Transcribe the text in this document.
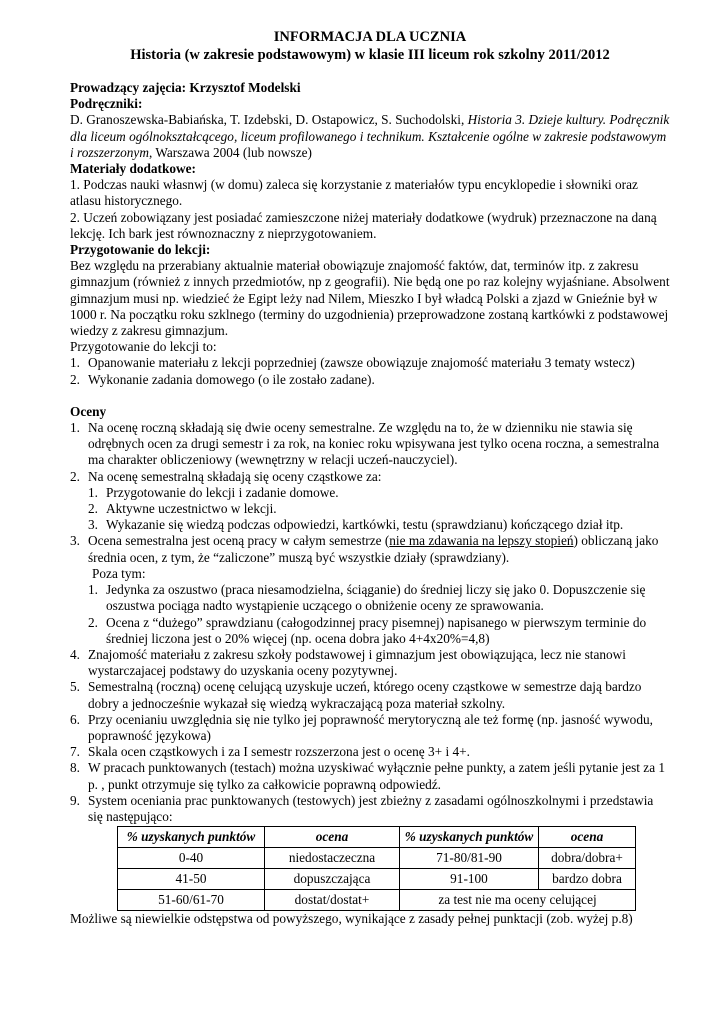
INFORMACJA DLA UCZNIA
Historia (w zakresie podstawowym) w klasie III liceum rok szkolny 2011/2012

Prowadzący zajęcia: Krzysztof Modelski

Podręczniki:

D. Granoszewska-Babiańska, T. Izdebski, D. Ostapowicz, S. Suchodolski, Historia 3. Dzieje kultury. Podręcznik dla liceum ogólnokształcącego, liceum profilowanego i technikum. Kształcenie ogólne w zakresie podstawowym i rozszerzonym, Warszawa 2004 (lub nowsze)

Materiały dodatkowe:

1. Podczas nauki własnwj (w domu) zaleca się korzystanie z materiałów typu encyklopedie i słowniki oraz atlasu historycznego.

2. Uczeń zobowiązany jest posiadać zamieszczone niżej materiały dodatkowe (wydruk) przeznaczone na daną lekcję. Ich bark jest równoznaczny z nieprzygotowaniem.

Przygotowanie do lekcji:

Bez względu na przerabiany aktualnie materiał obowiązuje znajomość faktów, dat, terminów itp. z zakresu gimnazjum (również z innych przedmiotów, np z geografii). Nie będą one po raz kolejny wyjaśniane. Absolwent gimnazjum musi np. wiedzieć że Egipt leży nad Nilem, Mieszko I był władcą Polski a zjazd w Gnieźnie był w 1000 r. Na początku roku szklnego (terminy do uzgodnienia) przeprowadzone zostaną kartkówki z podstawowej wiedzy z zakresu gimnazjum.

Przygotowanie do lekcji to:

1. Opanowanie materiału z lekcji poprzedniej (zawsze obowiązuje znajomość materiału 3 tematy wstecz)
2. Wykonanie zadania domowego (o ile zostało zadane).

Oceny

1. Na ocenę roczną składają się dwie oceny semestralne. Ze względu na to, że w dzienniku nie stawia się odrębnych ocen za drugi semestr i za rok, na koniec roku wpisywana jest tylko ocena roczna, a semestralna ma charakter obliczeniowy (wewnętrzny w relacji uczeń-nauczyciel).
2. Na ocenę semestralną składają się oceny cząstkowe za:
1. Przygotowanie do lekcji i zadanie domowe.
2. Aktywne uczestnictwo w lekcji.
3. Wykazanie się wiedzą podczas odpowiedzi, kartkówki, testu (sprawdzianu) kończącego dział itp.
3. Ocena semestralna jest oceną pracy w całym semestrze (nie ma zdawania na lepszy stopień) obliczaną jako średnia ocen, z tym, że “zaliczone” muszą być wszystkie działy (sprawdziany).

Poza tym:

1. Jedynka za oszustwo (praca niesamodzielna, ściąganie) do średniej liczy się jako 0. Dopuszczenie się oszustwa pociąga nadto wystąpienie uczącego o obniżenie oceny ze sprawowania.
2. Ocena z “dużego” sprawdzianu (całogodzinnej pracy pisemnej) napisanego w pierwszym terminie do średniej liczona jest o 20% więcej (np. ocena dobra jako 4+4x20%=4,8)
4. Znajomość materiału z zakresu szkoły podstawowej i gimnazjum jest obowiązująca, lecz nie stanowi wystarczajacej podstawy do uzyskania oceny pozytywnej.
5. Semestralną (roczną) ocenę celującą uzyskuje uczeń, którego oceny cząstkowe w semestrze dają bardzo dobry a jednocześnie wykazał się wiedzą wykraczającą poza materiał szkolny.
6. Przy ocenianiu uwzględnia się nie tylko jej poprawność merytoryczną ale też formę (np. jasność wywodu, poprawność językowa)
7. Skala ocen cząstkowych i za I semestr rozszerzona jest o ocenę 3+ i 4+.
8. W pracach punktowanych (testach) można uzyskiwać wyłącznie pełne punkty, a zatem jeśli pytanie jest za 1 p. , punkt otrzymuje się tylko za całkowicie poprawną odpowiedź.
9. System oceniania prac punktowanych (testowych) jest zbieżny z zasadami ogólnoszkolnymi i przedstawia się następująco:
% uzyskanych punktów	ocena	% uzyskanych punktów	ocena
0-40	niedostaczeczna	71-80/81-90	dobra/dobra+
41-50	dopuszczająca	91-100	bardzo dobra
51-60/61-70	dostat/dostat+	za test nie ma oceny celującej	

Możliwe są niewielkie odstępstwa od powyższego, wynikające z zasady pełnej punktacji (zob. wyżej p.8)
